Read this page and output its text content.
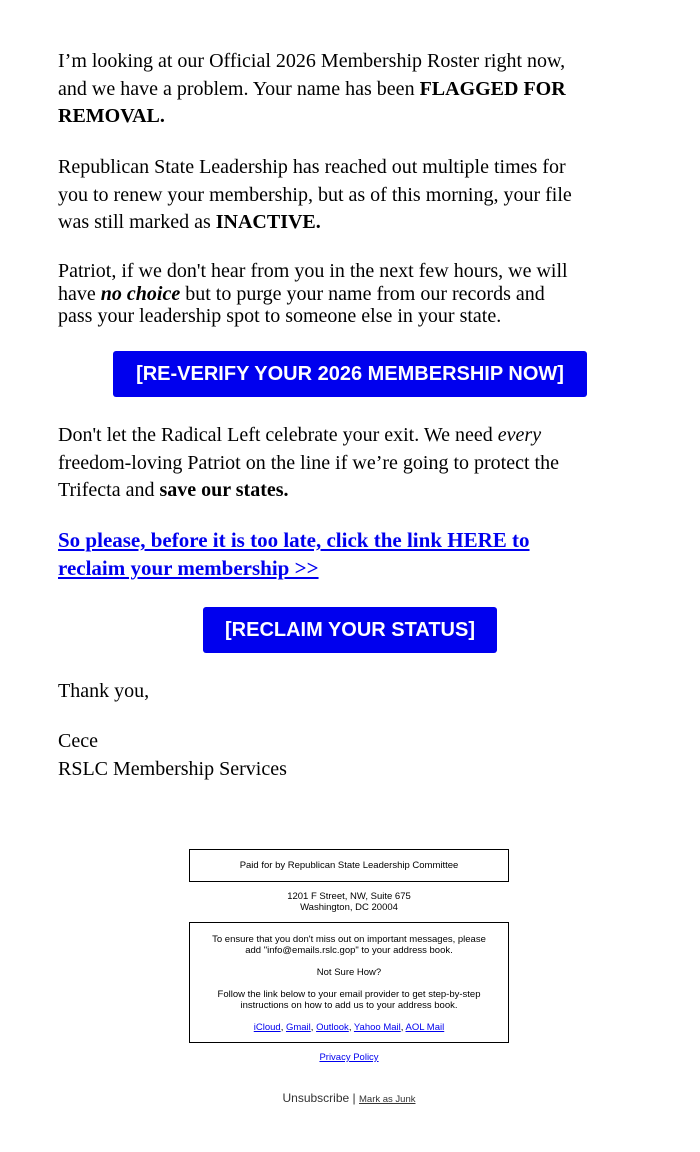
I’m looking at our Official 2026 Membership Roster right now,
and we have a problem. Your name has been FLAGGED FOR
REMOVAL.
Republican State Leadership has reached out multiple times for
you to renew your membership, but as of this morning, your file
was still marked as INACTIVE.
Patriot, if we don't hear from you in the next few hours, we will
have no choice but to purge your name from our records and
pass your leadership spot to someone else in your state.
[RE-VERIFY YOUR 2026 MEMBERSHIP NOW]
Don't let the Radical Left celebrate your exit. We need every
freedom-loving Patriot on the line if we’re going to protect the
Trifecta and save our states.
So please, before it is too late, click the link HERE to
reclaim your membership >>
[RECLAIM YOUR STATUS]
Thank you,
Cece
RSLC Membership Services
Paid for by Republican State Leadership Committee
1201 F Street, NW, Suite 675
Washington, DC 20004
To ensure that you don't miss out on important messages, please
add "info@emails.rslc.gop" to your address book.
Not Sure How?
Follow the link below to your email provider to get step-by-step
instructions on how to add us to your address book.
iCloud, Gmail, Outlook, Yahoo Mail, AOL Mail
Privacy Policy
Unsubscribe | Mark as Junk
